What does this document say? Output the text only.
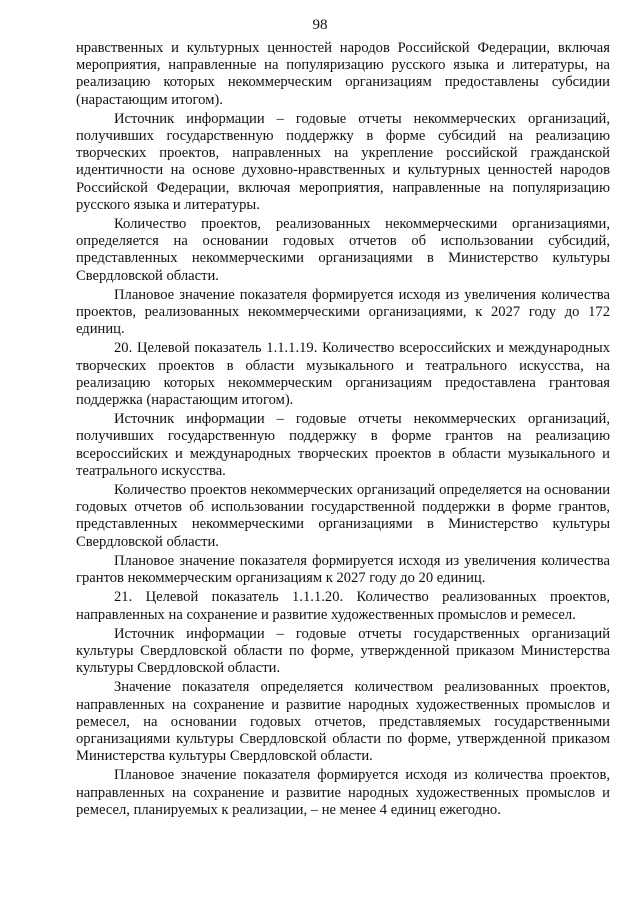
98

нравственных и культурных ценностей народов Российской Федерации, включая мероприятия, направленные на популяризацию русского языка и литературы, на реализацию которых некоммерческим организациям предоставлены субсидии (нарастающим итогом).

Источник информации – годовые отчеты некоммерческих организаций, получивших государственную поддержку в форме субсидий на реализацию творческих проектов, направленных на укрепление российской гражданской идентичности на основе духовно-нравственных и культурных ценностей народов Российской Федерации, включая мероприятия, направленные на популяризацию русского языка и литературы.

Количество проектов, реализованных некоммерческими организациями, определяется на основании годовых отчетов об использовании субсидий, представленных некоммерческими организациями в Министерство культуры Свердловской области.

Плановое значение показателя формируется исходя из увеличения количества проектов, реализованных некоммерческими организациями, к 2027 году до 172 единиц.

20. Целевой показатель 1.1.1.19. Количество всероссийских и международных творческих проектов в области музыкального и театрального искусства, на реализацию которых некоммерческим организациям предоставлена грантовая поддержка (нарастающим итогом).

Источник информации – годовые отчеты некоммерческих организаций, получивших государственную поддержку в форме грантов на реализацию всероссийских и международных творческих проектов в области музыкального и театрального искусства.

Количество проектов некоммерческих организаций определяется на основании годовых отчетов об использовании государственной поддержки в форме грантов, представленных некоммерческими организациями в Министерство культуры Свердловской области.

Плановое значение показателя формируется исходя из увеличения количества грантов некоммерческим организациям к 2027 году до 20 единиц.

21. Целевой показатель 1.1.1.20. Количество реализованных проектов, направленных на сохранение и развитие художественных промыслов и ремесел.

Источник информации – годовые отчеты государственных организаций культуры Свердловской области по форме, утвержденной приказом Министерства культуры Свердловской области.

Значение показателя определяется количеством реализованных проектов, направленных на сохранение и развитие народных художественных промыслов и ремесел, на основании годовых отчетов, представляемых государственными организациями культуры Свердловской области по форме, утвержденной приказом Министерства культуры Свердловской области.

Плановое значение показателя формируется исходя из количества проектов, направленных на сохранение и развитие народных художественных промыслов и ремесел, планируемых к реализации, – не менее 4 единиц ежегодно.
